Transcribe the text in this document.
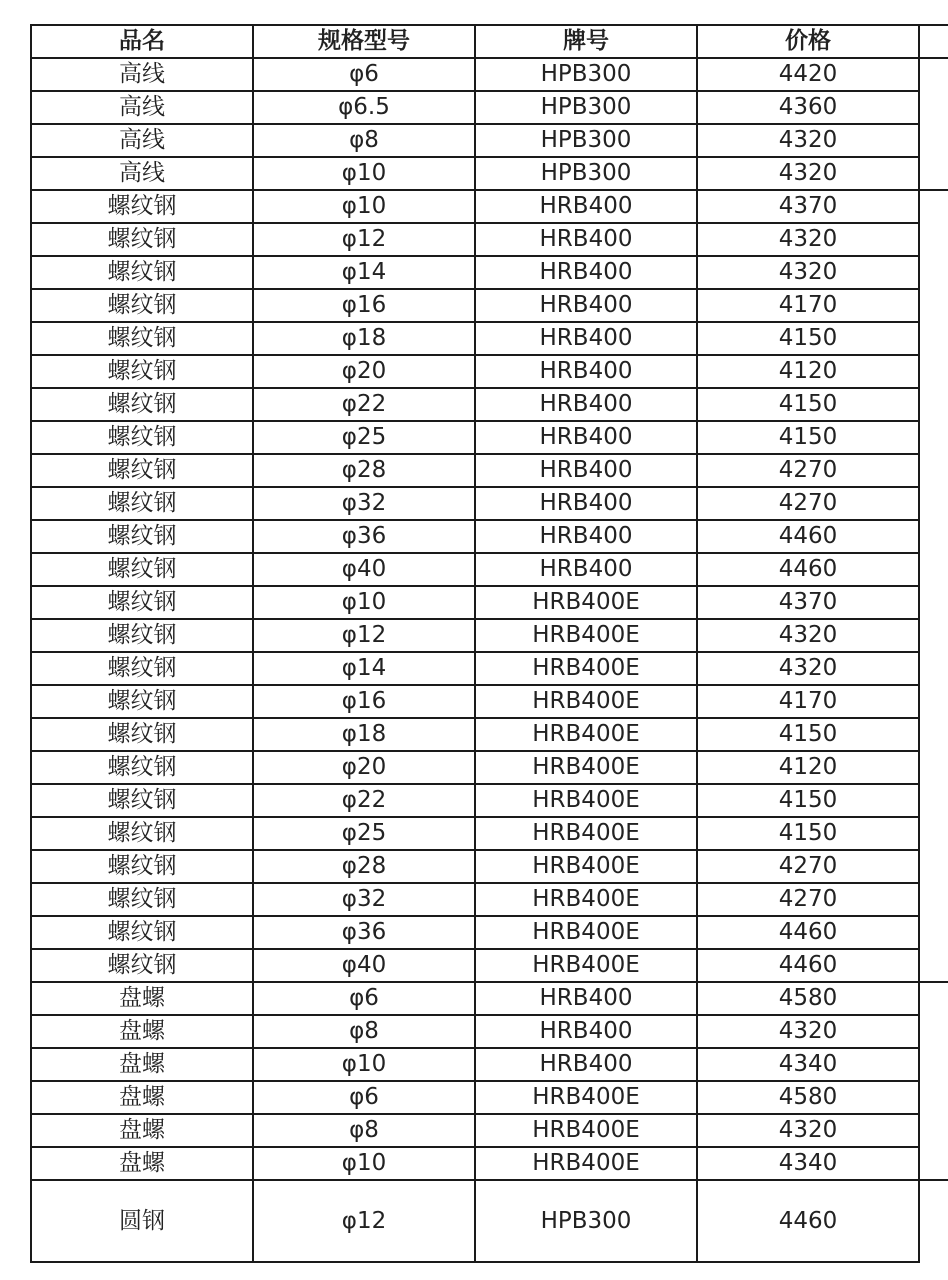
品名	规格型号	牌号	价格	
高线	φ6	HPB300	4420	
高线	φ6.5	HPB300	4360	
高线	φ8	HPB300	4320	
高线	φ10	HPB300	4320	
螺纹钢	φ10	HRB400	4370	
螺纹钢	φ12	HRB400	4320	
螺纹钢	φ14	HRB400	4320	
螺纹钢	φ16	HRB400	4170	
螺纹钢	φ18	HRB400	4150	
螺纹钢	φ20	HRB400	4120	
螺纹钢	φ22	HRB400	4150	
螺纹钢	φ25	HRB400	4150	
螺纹钢	φ28	HRB400	4270	
螺纹钢	φ32	HRB400	4270	
螺纹钢	φ36	HRB400	4460	
螺纹钢	φ40	HRB400	4460	
螺纹钢	φ10	HRB400E	4370	
螺纹钢	φ12	HRB400E	4320	
螺纹钢	φ14	HRB400E	4320	
螺纹钢	φ16	HRB400E	4170	
螺纹钢	φ18	HRB400E	4150	
螺纹钢	φ20	HRB400E	4120	
螺纹钢	φ22	HRB400E	4150	
螺纹钢	φ25	HRB400E	4150	
螺纹钢	φ28	HRB400E	4270	
螺纹钢	φ32	HRB400E	4270	
螺纹钢	φ36	HRB400E	4460	
螺纹钢	φ40	HRB400E	4460	
盘螺	φ6	HRB400	4580	
盘螺	φ8	HRB400	4320	
盘螺	φ10	HRB400	4340	
盘螺	φ6	HRB400E	4580	
盘螺	φ8	HRB400E	4320	
盘螺	φ10	HRB400E	4340	
圆钢	φ12	HPB300	4460	
